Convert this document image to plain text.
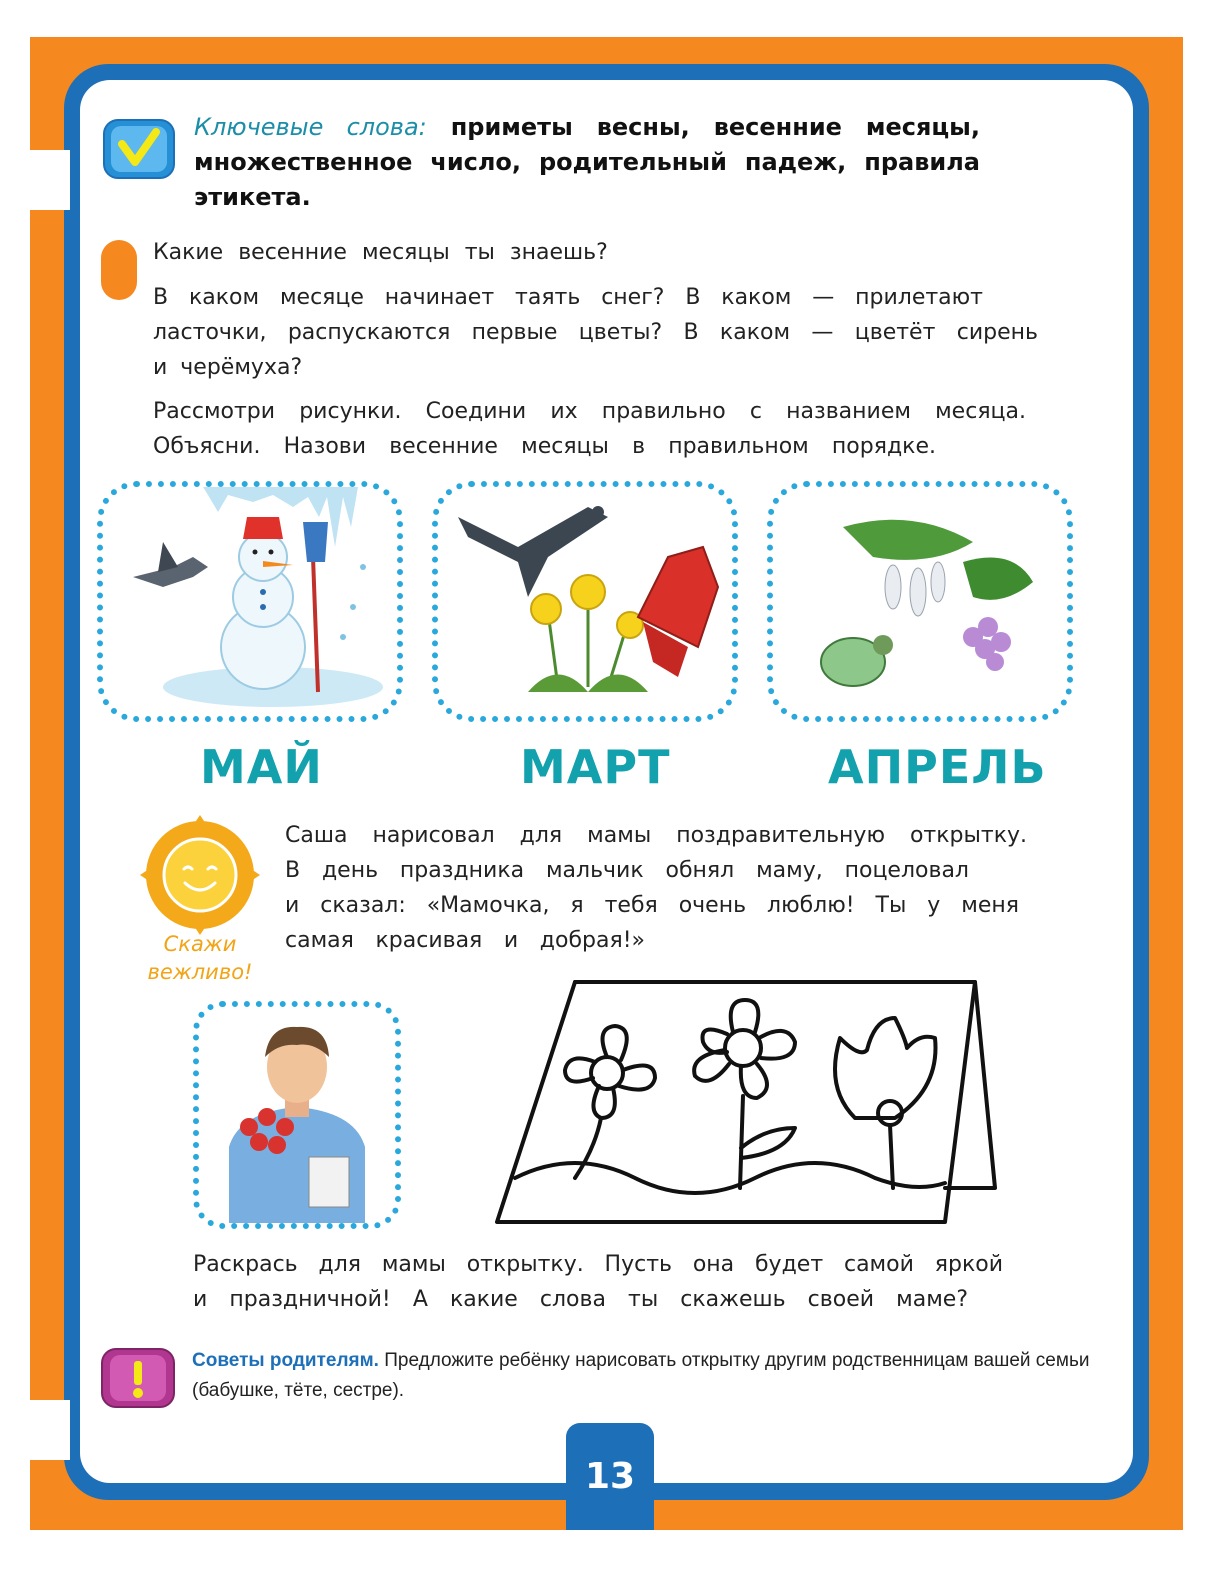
Ключевые слова: приметы весны, весенние месяцы, множественное число, родительный падеж, правила этикета.
Какие весенние месяцы ты знаешь?
В каком месяце начинает таять снег? В каком — прилетают
ласточки, распускаются первые цветы? В каком — цветёт сирень
и черёмуха?
Рассмотри рисунки. Соедини их правильно с названием месяца.
Объясни. Назови весенние месяцы в правильном порядке.
МАЙ	МАРТ	АПРЕЛЬ
Скажи
вежливо!
Саша нарисовал для мамы поздравительную открытку.
В день праздника мальчик обнял маму, поцеловал
и сказал: «Мамочка, я тебя очень люблю! Ты у меня
самая красивая и добрая!»
Раскрась для мамы открытку. Пусть она будет самой яркой
и праздничной! А какие слова ты скажешь своей маме?
Советы родителям. Предложите ребёнку нарисовать открытку другим родственницам вашей семьи (бабушке, тёте, сестре).
13
